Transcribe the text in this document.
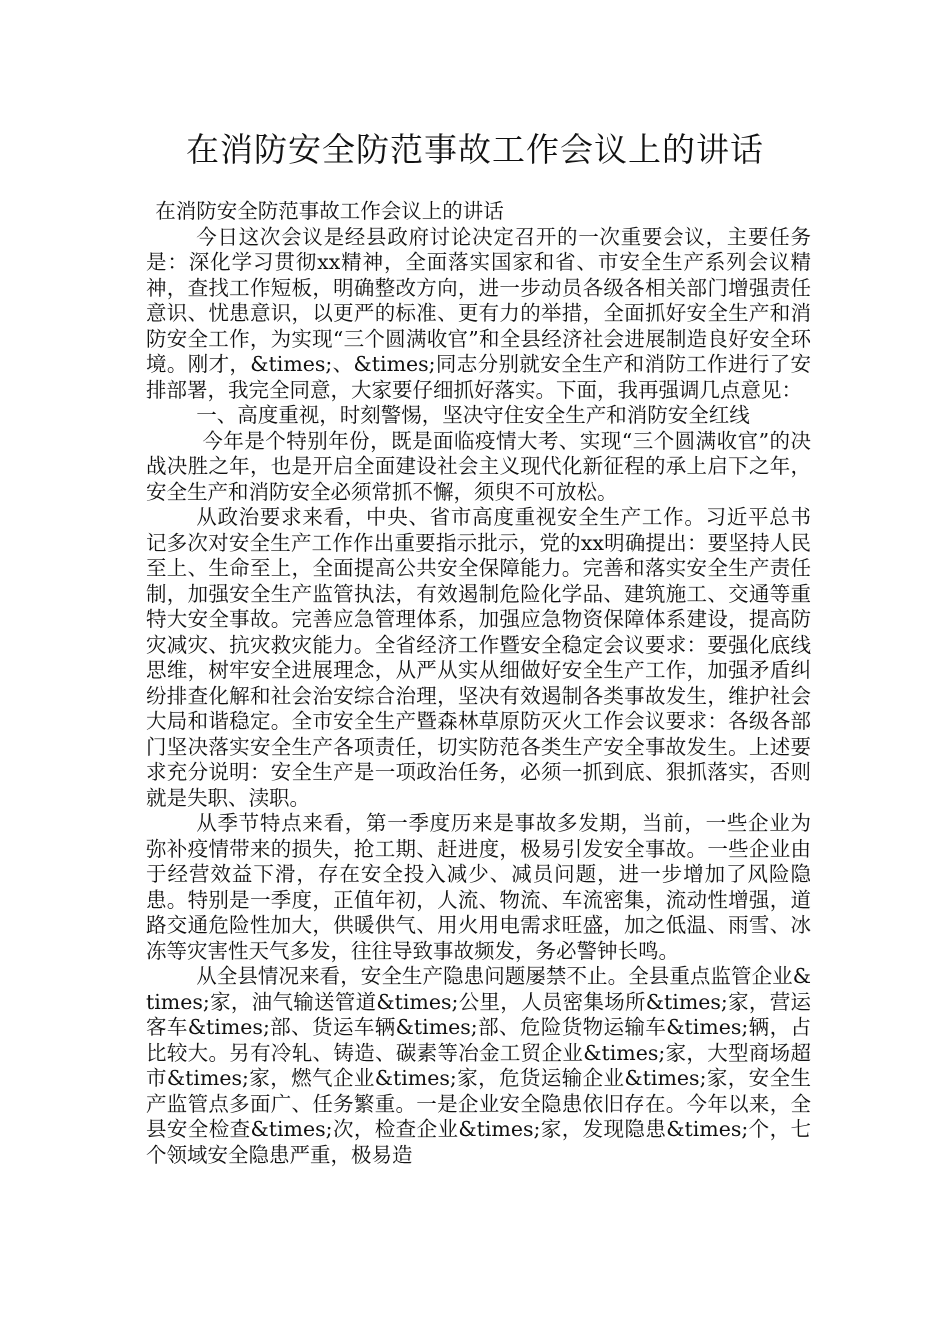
在消防安全防范事故工作会议上的讲话

在消防安全防范事故工作会议上的讲话

今日这次会议是经县政府讨论决定召开的一次重要会议，主要任务是：深化学习贯彻xx精神，全面落实国家和省、市安全生产系列会议精神，查找工作短板，明确整改方向，进一步动员各级各相关部门增强责任意识、忧患意识，以更严的标准、更有力的举措，全面抓好安全生产和消防安全工作，为实现“三个圆满收官”和全县经济社会进展制造良好安全环境。刚才，&times;、&times;同志分别就安全生产和消防工作进行了安排部署，我完全同意，大家要仔细抓好落实。下面，我再强调几点意见：

一、高度重视，时刻警惕，坚决守住安全生产和消防安全红线

今年是个特别年份，既是面临疫情大考、实现“三个圆满收官”的决战决胜之年，也是开启全面建设社会主义现代化新征程的承上启下之年，安全生产和消防安全必须常抓不懈，须臾不可放松。

从政治要求来看，中央、省市高度重视安全生产工作。习近平总书记多次对安全生产工作作出重要指示批示，党的xx明确提出：要坚持人民至上、生命至上，全面提高公共安全保障能力。完善和落实安全生产责任制，加强安全生产监管执法，有效遏制危险化学品、建筑施工、交通等重特大安全事故。完善应急管理体系，加强应急物资保障体系建设，提高防灾减灾、抗灾救灾能力。全省经济工作暨安全稳定会议要求：要强化底线思维，树牢安全进展理念，从严从实从细做好安全生产工作，加强矛盾纠纷排查化解和社会治安综合治理，坚决有效遏制各类事故发生，维护社会大局和谐稳定。全市安全生产暨森林草原防灭火工作会议要求：各级各部门坚决落实安全生产各项责任，切实防范各类生产安全事故发生。上述要求充分说明：安全生产是一项政治任务，必须一抓到底、狠抓落实，否则就是失职、渎职。

从季节特点来看，第一季度历来是事故多发期，当前，一些企业为弥补疫情带来的损失，抢工期、赶进度，极易引发安全事故。一些企业由于经营效益下滑，存在安全投入减少、减员问题，进一步增加了风险隐患。特别是一季度，正值年初，人流、物流、车流密集，流动性增强，道路交通危险性加大，供暖供气、用火用电需求旺盛，加之低温、雨雪、冰冻等灾害性天气多发，往往导致事故频发，务必警钟长鸣。

从全县情况来看，安全生产隐患问题屡禁不止。全县重点监管企业&times;家，油气输送管道&times;公里，人员密集场所&times;家，营运客车&times;部、货运车辆&times;部、危险货物运输车&times;辆，占比较大。另有冷轧、铸造、碳素等冶金工贸企业&times;家，大型商场超市&times;家，燃气企业&times;家，危货运输企业&times;家，安全生产监管点多面广、任务繁重。一是企业安全隐患依旧存在。今年以来，全县安全检查&times;次，检查企业&times;家，发现隐患&times;个，七个领域安全隐患严重，极易造
